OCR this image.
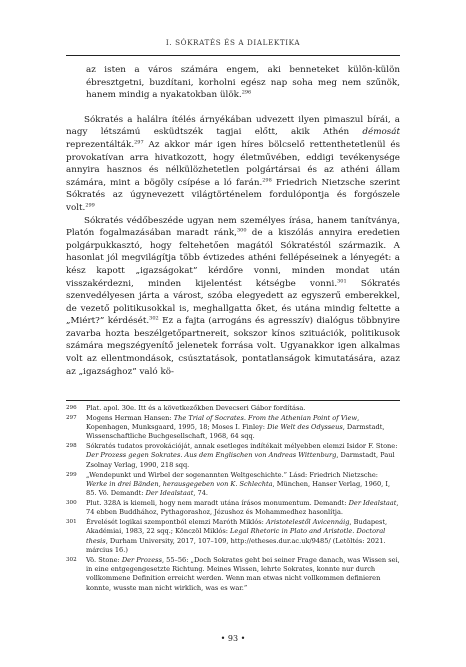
I. SÓKRATÉS ÉS A DIALEKTIKA

az isten a város számára engem, aki benneteket külön-külön ébresztgetni, buzdítani, korholni egész nap soha meg nem szűnök, hanem mindig a nyakatokban ülök.$^{296}$

Sókratés a halálra ítélés árnyékában udvezett ilyen pimaszul bírái, a nagy létszámú esküdtszék tagjai előtt, akik Athén démosát reprezentálták.$^{297}$ Az akkor már igen híres bölcselő rettenthetetlenül és provokatívan arra hivatkozott, hogy életművében, eddigi tevékenysége annyira hasznos és nélkülözhetetlen polgártársai és az athéni állam számára, mint a bögöly csípése a ló farán.$^{298}$ Friedrich Nietzsche szerint Sókratés az úgynevezett világtörténelem fordulópontja és forgószele volt.$^{299}$

Sókratés védőbeszéde ugyan nem személyes írása, hanem tanítványa, Platón fogalmazásában maradt ránk,$^{300}$ de a kiszólás annyira eredetien polgárpukkasztó, hogy feltehetően magától Sókratéstól származik. A hasonlat jól megvilágítja több évtizedes athéni fellépéseinek a lényegét: a kész kapott „igazságokat” kérdőre vonni, minden mondat után visszakérdezni, minden kijelentést kétségbe vonni.$^{301}$ Sókratés szenvedélyesen járta a várost, szóba elegyedett az egyszerű emberekkel, de vezető politikusokkal is, meghallgatta őket, és utána mindig feltette a „Miért?” kérdését.$^{302}$ Ez a fajta (arrogáns és agresszív) dialógus többnyire zavarba hozta beszélgetőpartnereit, sokszor kínos szituációk, politikusok számára megszégyenítő jelenetek forrása volt. Ugyanakkor igen alkalmas volt az ellentmondások, csúsztatások, pontatlanságok kimutatására, azaz az „igazsághoz” való kö-

296 Plat. apol. 30e. Itt és a következőkben Devecseri Gábor fordítása.
297 Mogens Herman Hansen: The Trial of Socrates. From the Athenian Point of View, Kopenhagen, Munksgaard, 1995, 18; Moses I. Finley: Die Welt des Odysseus, Darmstadt, Wissenschaftliche Buchgesellschaft, 1968, 64 sqq.
298 Sókratés tudatos provokációját, annak esetleges indítékait mélyebben elemzi Isidor F. Stone: Der Prozess gegen Sokrates. Aus dem Englischen von Andreas Wittenburg, Darmstadt, Paul Zsolnay Verlag, 1990, 218 sqq.
299 „Wendepunkt und Wirbel der sogenannten Weltgeschichte.” Lásd: Friedrich Nietzsche: Werke in drei Bänden, herausgegeben von K. Schlechta, München, Hanser Verlag, 1960, I, 85. Vö. Demandt: Der Idealstaat, 74.
300 Plut. 328A is kiemeli, hogy nem maradt utána írásos monumentum. Demandt: Der Idealstaat, 74 ebben Buddhához, Pythagorashoz, Jézushoz és Mohammedhez hasonlítja.
301 Érvelését logikai szempontból elemzi Maróth Miklós: Aristotelestől Avicennáig, Budapest, Akadémiai, 1983, 22 sqq.; Könczöl Miklós: Legal Rhetoric in Plato and Aristotle. Doctoral thesis, Durham University, 2017, 107–109, http://etheses.dur.ac.uk/9485/ (Letöltés: 2021. március 16.)
302 Vö. Stone: Der Prozess, 55–56: „Doch Sokrates geht bei seiner Frage danach, was Wissen sei, in eine entgegengesetzte Richtung. Meines Wissen, lehrte Sokrates, konnte nur durch vollkommene Definition erreicht werden. Wenn man etwas nicht vollkommen definieren konnte, wusste man nicht wirklich, was es war.”
• 93 •
